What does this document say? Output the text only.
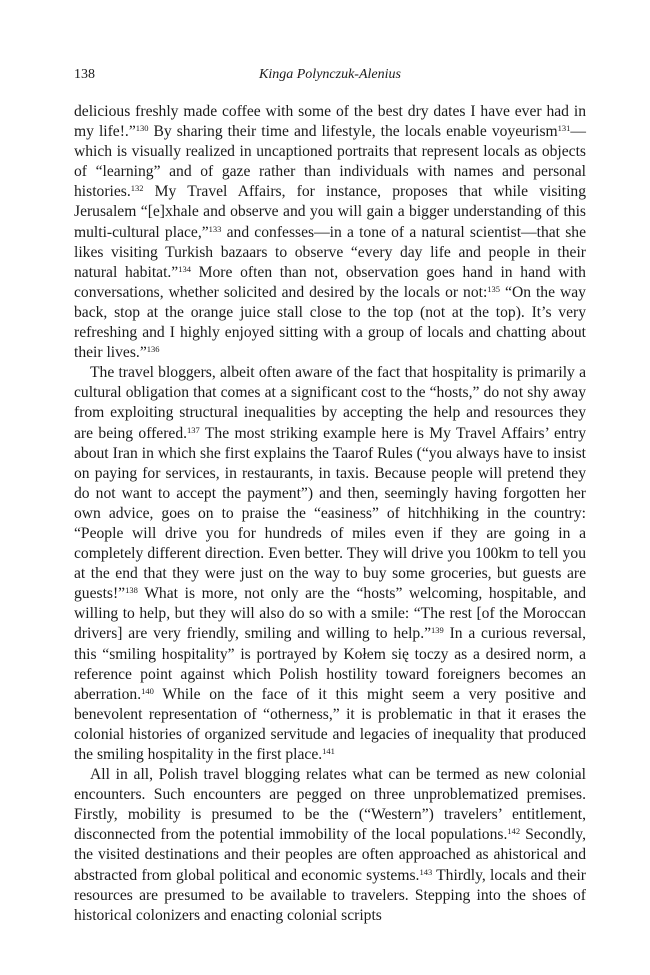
138	Kinga Polynczuk-Alenius

delicious freshly made coffee with some of the best dry dates I have ever had in my life!.”$^{130}$ By sharing their time and lifestyle, the locals enable voyeurism$^{131}$—which is visually realized in uncaptioned portraits that represent locals as objects of “learning” and of gaze rather than individuals with names and personal histories.$^{132}$ My Travel Affairs, for instance, proposes that while visiting Jerusalem “[e]xhale and observe and you will gain a bigger understanding of this multi-cultural place,”$^{133}$ and confesses—in a tone of a natural scientist—that she likes visiting Turkish bazaars to observe “every day life and people in their natural habitat.”$^{134}$ More often than not, observation goes hand in hand with conversations, whether solicited and desired by the locals or not:$^{135}$ “On the way back, stop at the orange juice stall close to the top (not at the top). It’s very refreshing and I highly enjoyed sitting with a group of locals and chatting about their lives.”$^{136}$

The travel bloggers, albeit often aware of the fact that hospitality is primarily a cultural obligation that comes at a significant cost to the “hosts,” do not shy away from exploiting structural inequalities by accepting the help and resources they are being offered.$^{137}$ The most striking example here is My Travel Affairs’ entry about Iran in which she first explains the Taarof Rules (“you always have to insist on paying for services, in restaurants, in taxis. Because people will pretend they do not want to accept the payment”) and then, seemingly having forgotten her own advice, goes on to praise the “easiness” of hitchhiking in the country: “People will drive you for hundreds of miles even if they are going in a completely different direction. Even better. They will drive you 100km to tell you at the end that they were just on the way to buy some groceries, but guests are guests!”$^{138}$ What is more, not only are the “hosts” welcoming, hospitable, and willing to help, but they will also do so with a smile: “The rest [of the Moroccan drivers] are very friendly, smiling and willing to help.”$^{139}$ In a curious reversal, this “smiling hospitality” is portrayed by Kołem się toczy as a desired norm, a reference point against which Polish hostility toward foreigners becomes an aberration.$^{140}$ While on the face of it this might seem a very positive and benevolent representation of “otherness,” it is problematic in that it erases the colonial histories of organized servitude and legacies of inequality that produced the smiling hospitality in the first place.$^{141}$

All in all, Polish travel blogging relates what can be termed as new colonial encounters. Such encounters are pegged on three unproblematized premises. Firstly, mobility is presumed to be the (“Western”) travelers’ entitlement, disconnected from the potential immobility of the local populations.$^{142}$ Secondly, the visited destinations and their peoples are often approached as ahistorical and abstracted from global political and economic systems.$^{143}$ Thirdly, locals and their resources are presumed to be available to travelers. Stepping into the shoes of historical colonizers and enacting colonial scripts
